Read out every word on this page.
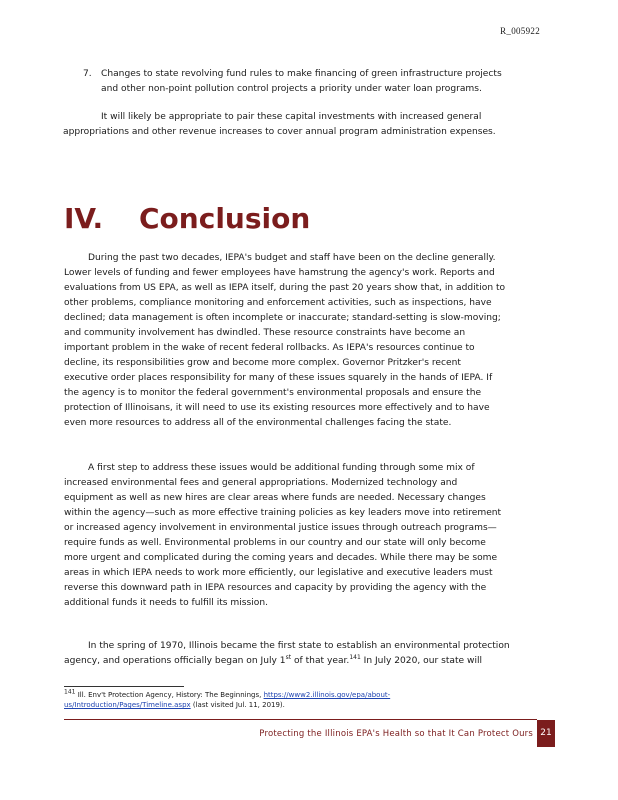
R_005922
7.	Changes to state revolving fund rules to make financing of green infrastructure projects
and other non-point pollution control projects a priority under water loan programs.
It will likely be appropriate to pair these capital investments with increased general
appropriations and other revenue increases to cover annual program administration expenses.
IV. Conclusion

During the past two decades, IEPA's budget and staff have been on the decline generally.

Lower levels of funding and fewer employees have hamstrung the agency's work. Reports and

evaluations from US EPA, as well as IEPA itself, during the past 20 years show that, in addition to

other problems, compliance monitoring and enforcement activities, such as inspections, have

declined; data management is often incomplete or inaccurate; standard-setting is slow-moving;

and community involvement has dwindled. These resource constraints have become an

important problem in the wake of recent federal rollbacks. As IEPA's resources continue to

decline, its responsibilities grow and become more complex. Governor Pritzker's recent

executive order places responsibility for many of these issues squarely in the hands of IEPA. If

the agency is to monitor the federal government's environmental proposals and ensure the

protection of Illinoisans, it will need to use its existing resources more effectively and to have

even more resources to address all of the environmental challenges facing the state.

A first step to address these issues would be additional funding through some mix of

increased environmental fees and general appropriations. Modernized technology and

equipment as well as new hires are clear areas where funds are needed. Necessary changes

within the agency—such as more effective training policies as key leaders move into retirement

or increased agency involvement in environmental justice issues through outreach programs—

require funds as well. Environmental problems in our country and our state will only become

more urgent and complicated during the coming years and decades. While there may be some

areas in which IEPA needs to work more efficiently, our legislative and executive leaders must

reverse this downward path in IEPA resources and capacity by providing the agency with the

additional funds it needs to fulfill its mission.

In the spring of 1970, Illinois became the first state to establish an environmental protection

agency, and operations officially began on July 1st of that year.$^{141}$ In July 2020, our state will

$^{141}$ Ill. Env't Protection Agency, History: The Beginnings, https://www2.illinois.gov/epa/about-
us/Introduction/Pages/Timeline.aspx (last visited Jul. 11, 2019).
Protecting the Illinois EPA's Health so that It Can Protect Ours 21
